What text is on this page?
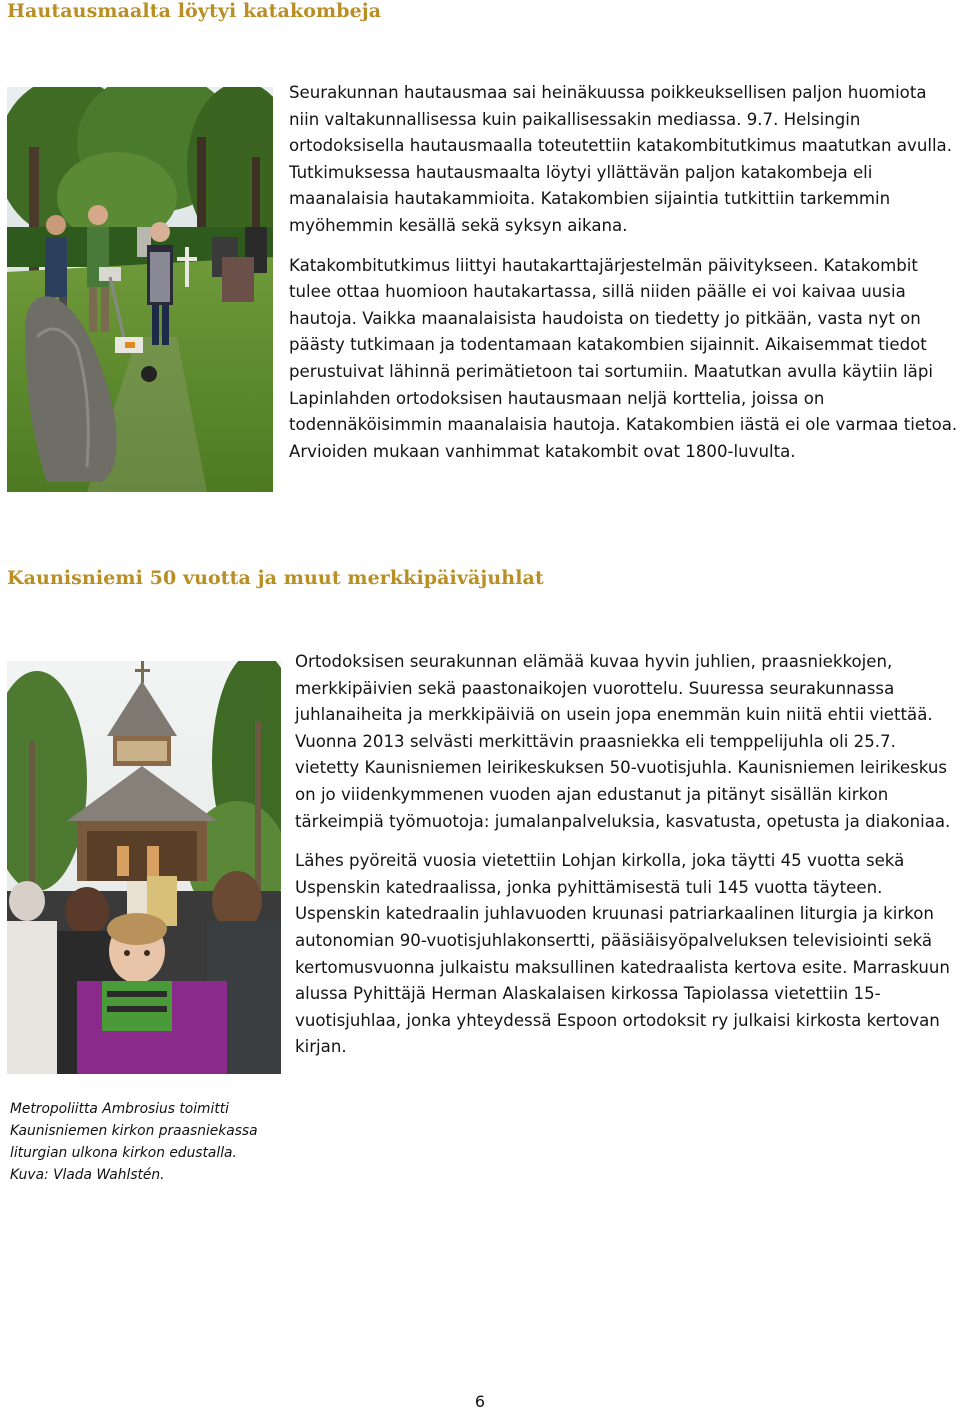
Hautausmaalta löytyi katakombeja

Seurakunnan hautausmaa sai heinäkuussa poikkeuksellisen paljon huomiota niin valtakunnallisessa kuin paikallisessakin mediassa. 9.7. Helsingin ortodoksisella hautausmaalla toteutettiin katakombitutkimus maatutkan avulla. Tutkimuksessa hautausmaalta löytyi yllättävän paljon katakombeja eli maanalaisia hautakammioita. Katakombien sijaintia tutkittiin tarkemmin myöhemmin kesällä sekä syksyn aikana.

Katakombitutkimus liittyi hautakarttajärjestelmän päivitykseen. Katakombit tulee ottaa huomioon hautakartassa, sillä niiden päälle ei voi kaivaa uusia hautoja. Vaikka maanalaisista haudoista on tiedetty jo pitkään, vasta nyt on päästy tutkimaan ja todentamaan katakombien sijainnit. Aikaisemmat tiedot perustuivat lähinnä perimätietoon tai sortumiin. Maatutkan avulla käytiin läpi Lapinlahden ortodoksisen hautausmaan neljä korttelia, joissa on todennäköisimmin maanalaisia hautoja. Katakombien iästä ei ole varmaa tietoa. Arvioiden mukaan vanhimmat katakombit ovat 1800-luvulta.

Kaunisniemi 50 vuotta ja muut merkkipäiväjuhlat

Ortodoksisen seurakunnan elämää kuvaa hyvin juhlien, praasniekkojen, merkkipäivien sekä paastonaikojen vuorottelu. Suuressa seurakunnassa juhlanaiheita ja merkkipäiviä on usein jopa enemmän kuin niitä ehtii viettää. Vuonna 2013 selvästi merkittävin praasniekka eli temppelijuhla oli 25.7. vietetty Kaunisniemen leirikeskuksen 50-vuotisjuhla. Kaunisniemen leirikeskus on jo viidenkymmenen vuoden ajan edustanut ja pitänyt sisällän kirkon tärkeimpiä työmuotoja: jumalanpalveluksia, kasvatusta, opetusta ja diakoniaa.

Lähes pyöreitä vuosia vietettiin Lohjan kirkolla, joka täytti 45 vuotta sekä Uspenskin katedraalissa, jonka pyhittämisestä tuli 145 vuotta täyteen. Uspenskin katedraalin juhlavuoden kruunasi patriarkaalinen liturgia ja kirkon autonomian 90-vuotisjuhlakonsertti, pääsiäisyöpalveluksen televisiointi sekä kertomusvuonna julkaistu maksullinen katedraalista kertova esite. Marraskuun alussa Pyhittäjä Herman Alaskalaisen kirkossa Tapiolassa vietettiin 15-vuotisjuhlaa, jonka yhteydessä Espoon ortodoksit ry julkaisi kirkosta kertovan kirjan.

Metropoliitta Ambrosius toimitti
Kaunisniemen kirkon praasniekassa
liturgian ulkona kirkon edustalla.
Kuva: Vlada Wahlstén.
6
